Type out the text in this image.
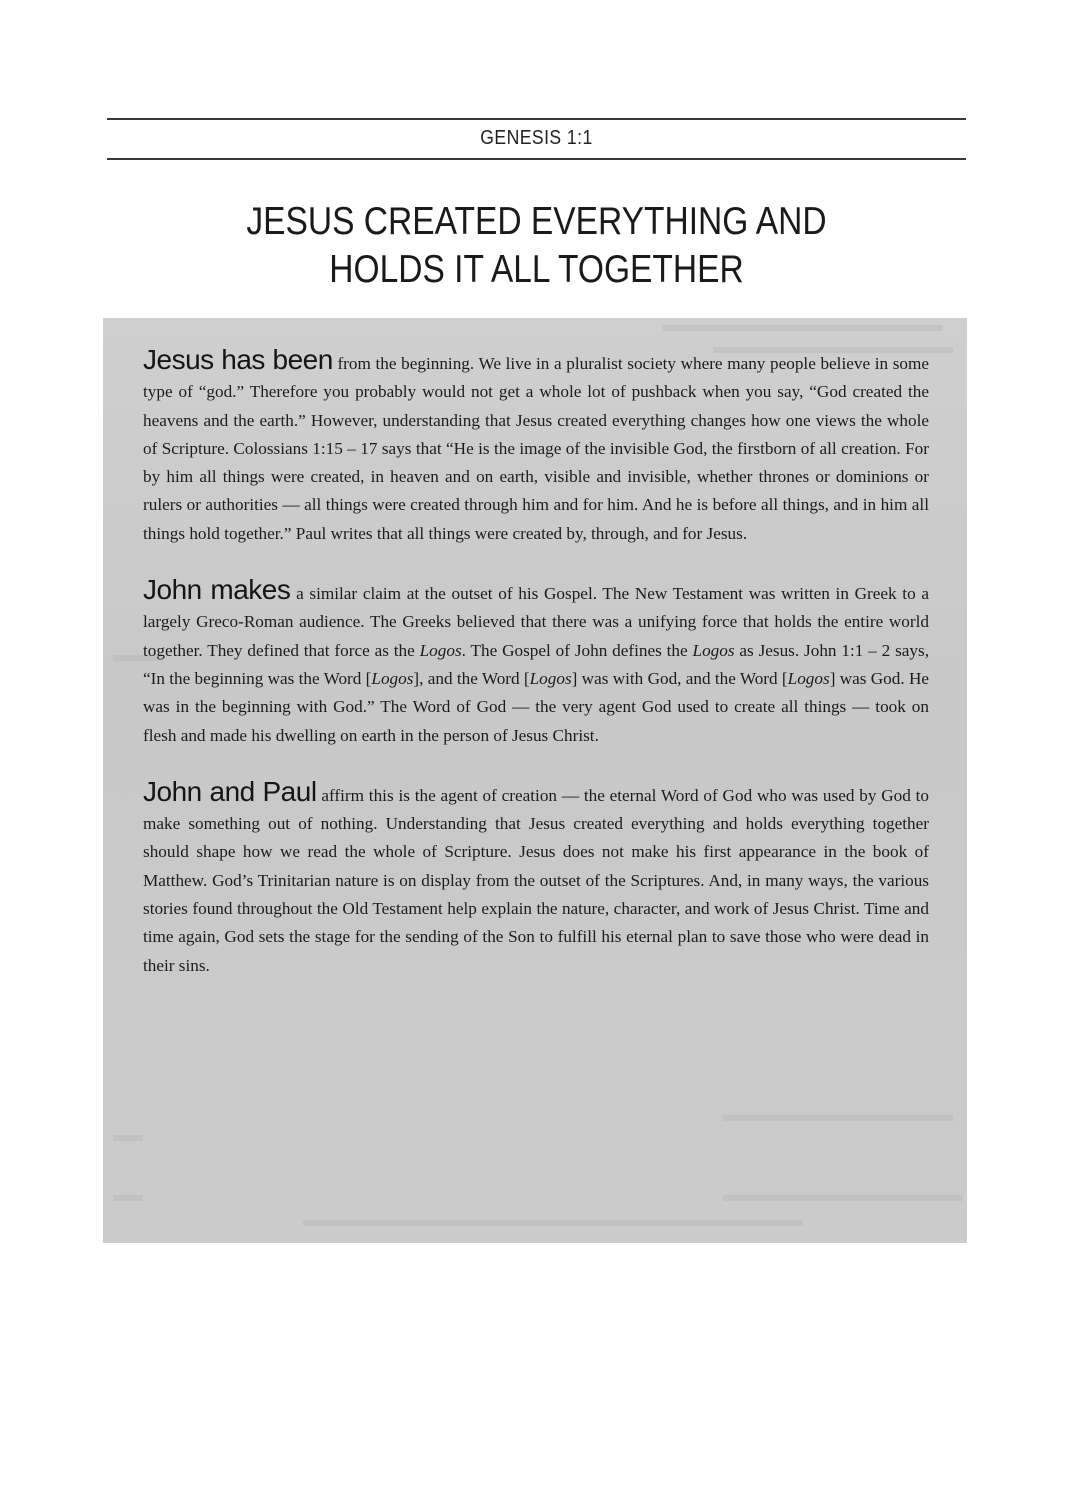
GENESIS 1:1
JESUS CREATED EVERYTHING AND
HOLDS IT ALL TOGETHER

Jesus has been from the beginning. We live in a pluralist society where many people believe in some type of “god.” Therefore you probably would not get a whole lot of pushback when you say, “God created the heavens and the earth.” However, understanding that Jesus created everything changes how one views the whole of Scripture. Colossians 1:15 – 17 says that “He is the image of the invisible God, the firstborn of all creation. For by him all things were created, in heaven and on earth, visible and invisible, whether thrones or dominions or rulers or authorities — all things were created through him and for him. And he is before all things, and in him all things hold together.” Paul writes that all things were created by, through, and for Jesus.

John makes a similar claim at the outset of his Gospel. The New Testament was written in Greek to a largely Greco-Roman audience. The Greeks believed that there was a unifying force that holds the entire world together. They defined that force as the Logos. The Gospel of John defines the Logos as Jesus. John 1:1 – 2 says, “In the beginning was the Word [Logos], and the Word [Logos] was with God, and the Word [Logos] was God. He was in the beginning with God.” The Word of God — the very agent God used to create all things — took on flesh and made his dwelling on earth in the person of Jesus Christ.

John and Paul affirm this is the agent of creation — the eternal Word of God who was used by God to make something out of nothing. Understanding that Jesus created everything and holds everything together should shape how we read the whole of Scripture. Jesus does not make his first appearance in the book of Matthew. God’s Trinitarian nature is on display from the outset of the Scriptures. And, in many ways, the various stories found throughout the Old Testament help explain the nature, character, and work of Jesus Christ. Time and time again, God sets the stage for the sending of the Son to fulfill his eternal plan to save those who were dead in their sins.
